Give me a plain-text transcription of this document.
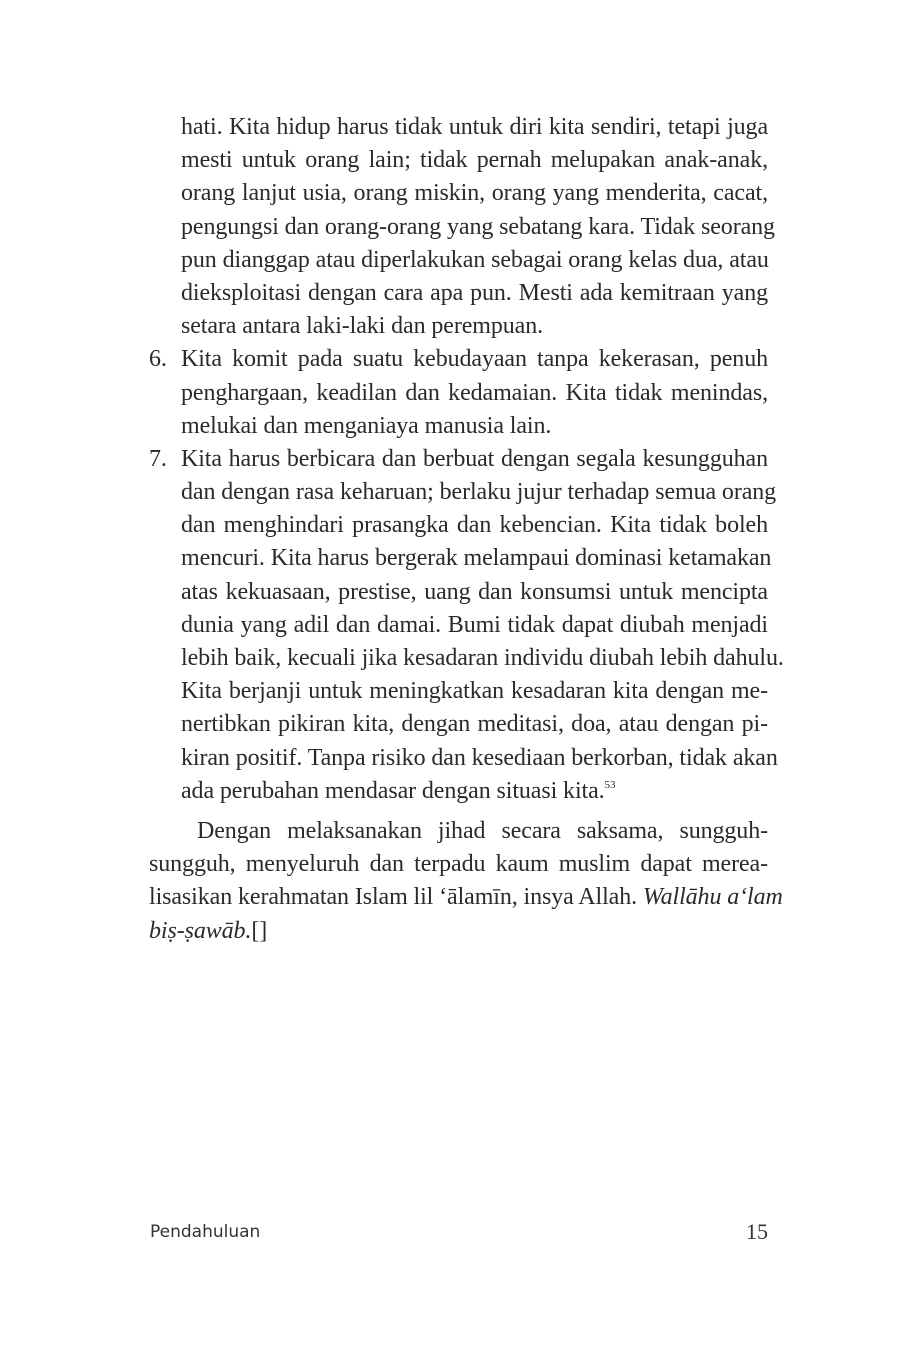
hati. Kita hidup harus tidak untuk diri kita sendiri, tetapi juga
mesti untuk orang lain; tidak pernah melupakan anak-anak,
orang lanjut usia, orang miskin, orang yang menderita, cacat,
pengungsi dan orang-orang yang sebatang kara. Tidak seorang
pun dianggap atau diperlakukan sebagai orang kelas dua, atau
dieksploitasi dengan cara apa pun. Mesti ada kemitraan yang
setara antara laki-laki dan perempuan.
6. Kita komit pada suatu kebudayaan tanpa kekerasan, penuh
penghargaan, keadilan dan kedamaian. Kita tidak menindas,
melukai dan menganiaya manusia lain.
7. Kita harus berbicara dan berbuat dengan segala kesungguhan
dan dengan rasa keharuan; berlaku jujur terhadap semua orang
dan menghindari prasangka dan kebencian. Kita tidak boleh
mencuri. Kita harus bergerak melampaui dominasi ketamakan
atas kekuasaan, prestise, uang dan konsumsi untuk mencipta
dunia yang adil dan damai. Bumi tidak dapat diubah menjadi
lebih baik, kecuali jika kesadaran individu diubah lebih dahulu.
Kita berjanji untuk meningkatkan kesadaran kita dengan me-
nertibkan pikiran kita, dengan meditasi, doa, atau dengan pi-
kiran positif. Tanpa risiko dan kesediaan berkorban, tidak akan
ada perubahan mendasar dengan situasi kita.$^{53}$
Dengan melaksanakan jihad secara saksama, sungguh-
sungguh, menyeluruh dan terpadu kaum muslim dapat merea-
lisasikan kerahmatan Islam lil ‘ālamīn, insya Allah. Wallāhu a‘lam
biṣ-ṣawāb.[]
Pendahuluan	15
